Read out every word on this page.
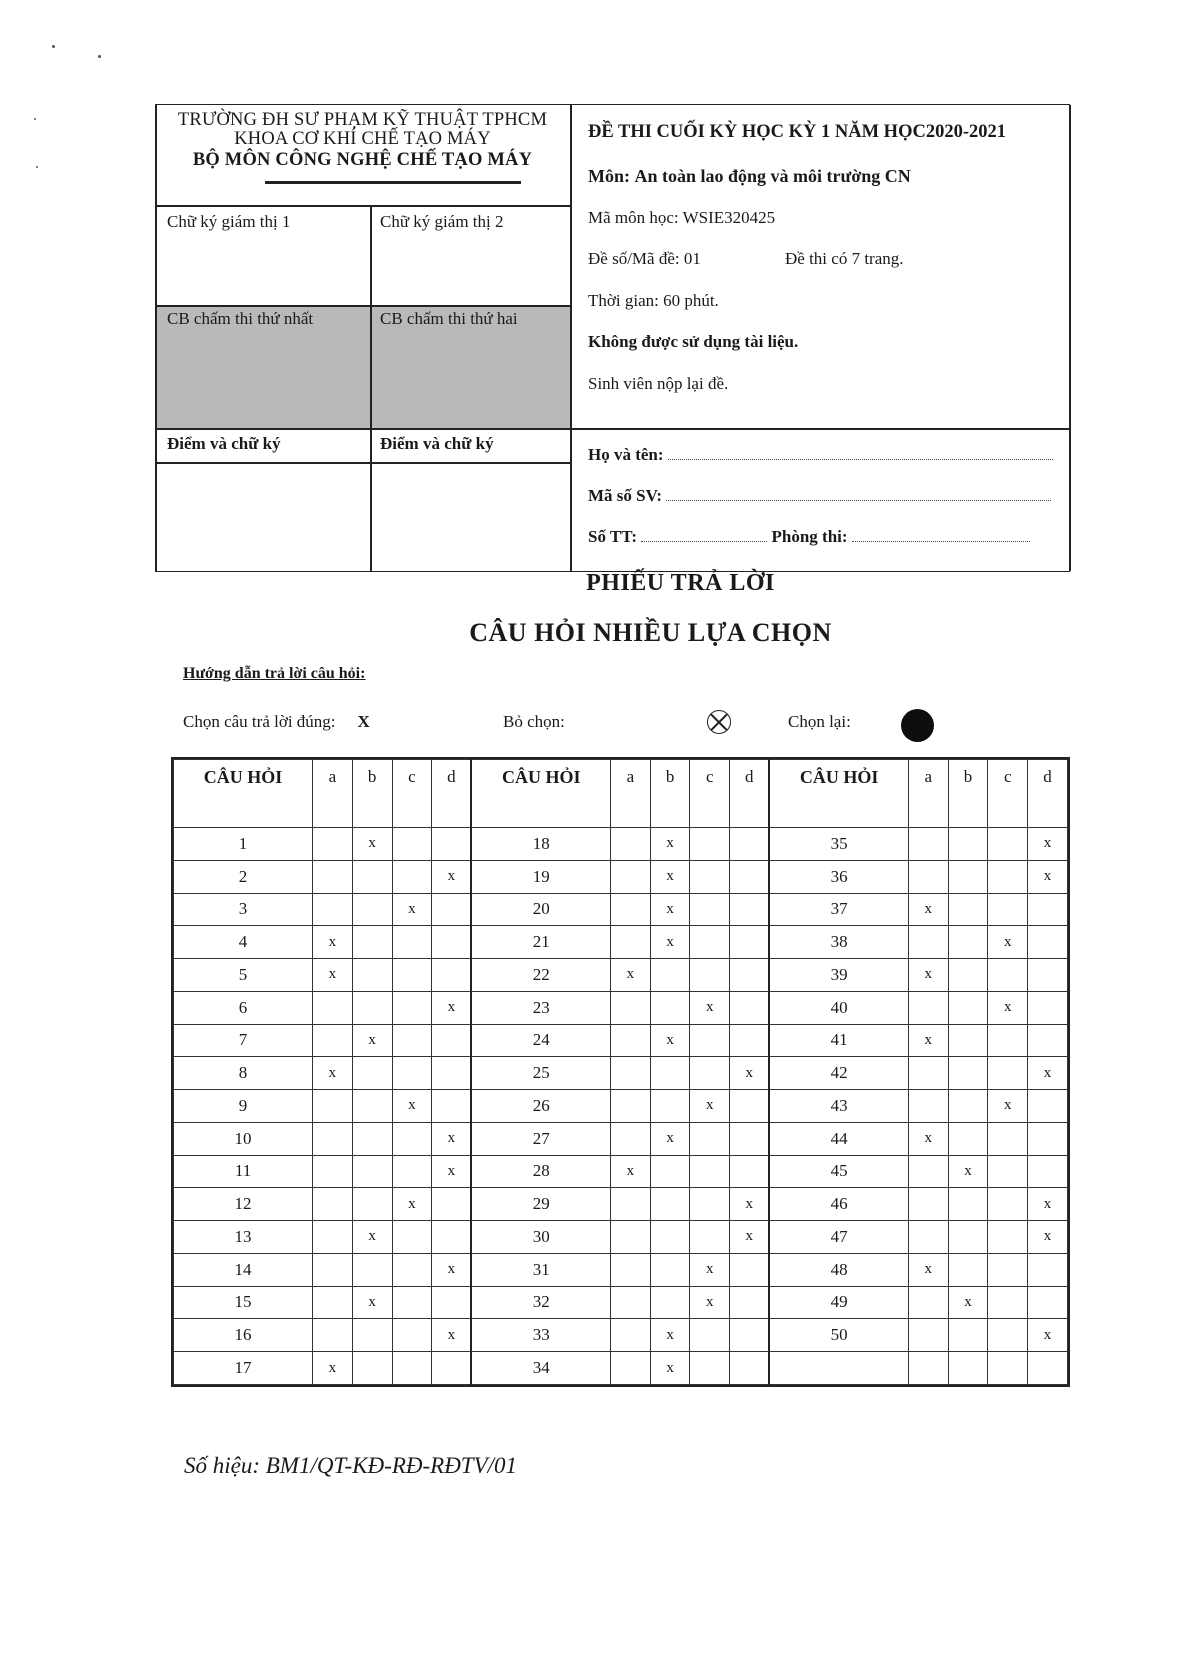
TRƯỜNG ĐH SƯ PHẠM KỸ THUẬT TPHCM
KHOA CƠ KHÍ CHẾ TẠO MÁY
BỘ MÔN CÔNG NGHỆ CHẾ TẠO MÁY
Chữ ký giám thị 1	Chữ ký giám thị 2
CB chấm thi thứ nhất	CB chấm thi thứ hai
Điểm và chữ ký	Điểm và chữ ký
ĐỀ THI CUỐI KỲ HỌC KỲ 1 NĂM HỌC2020-2021
Môn: An toàn lao động và môi trường CN
Mã môn học: WSIE320425
Đề số/Mã đề: 01	Đề thi có 7 trang.
Thời gian: 60 phút.
Không được sử dụng tài liệu.
Sinh viên nộp lại đề.
Họ và tên:
Mã số SV:
Số TT:	Phòng thi:
PHIẾU TRẢ LỜI
CÂU HỎI NHIỀU LỰA CHỌN
Hướng dẫn trả lời câu hỏi:
Chọn câu trả lời đúng: X	Bỏ chọn:	Chọn lại:
CÂU HỎI	a	b	c	d	CÂU HỎI	a	b	c	d	CÂU HỎI	a	b	c	d
1		x			18		x			35				x
2				x	19		x			36				x
3			x		20		x			37	x			
4	x				21		x			38			x	
5	x				22	x				39	x			
6				x	23			x		40			x	
7		x			24		x			41	x			
8	x				25				x	42				x
9			x		26			x		43			x	
10				x	27		x			44	x			
11				x	28	x				45		x		
12			x		29				x	46				x
13		x			30				x	47				x
14				x	31			x		48	x			
15		x			32			x		49		x		
16				x	33		x			50				x
17	x				34		x							
Số hiệu: BM1/QT-KĐ-RĐ-RĐTV/01
